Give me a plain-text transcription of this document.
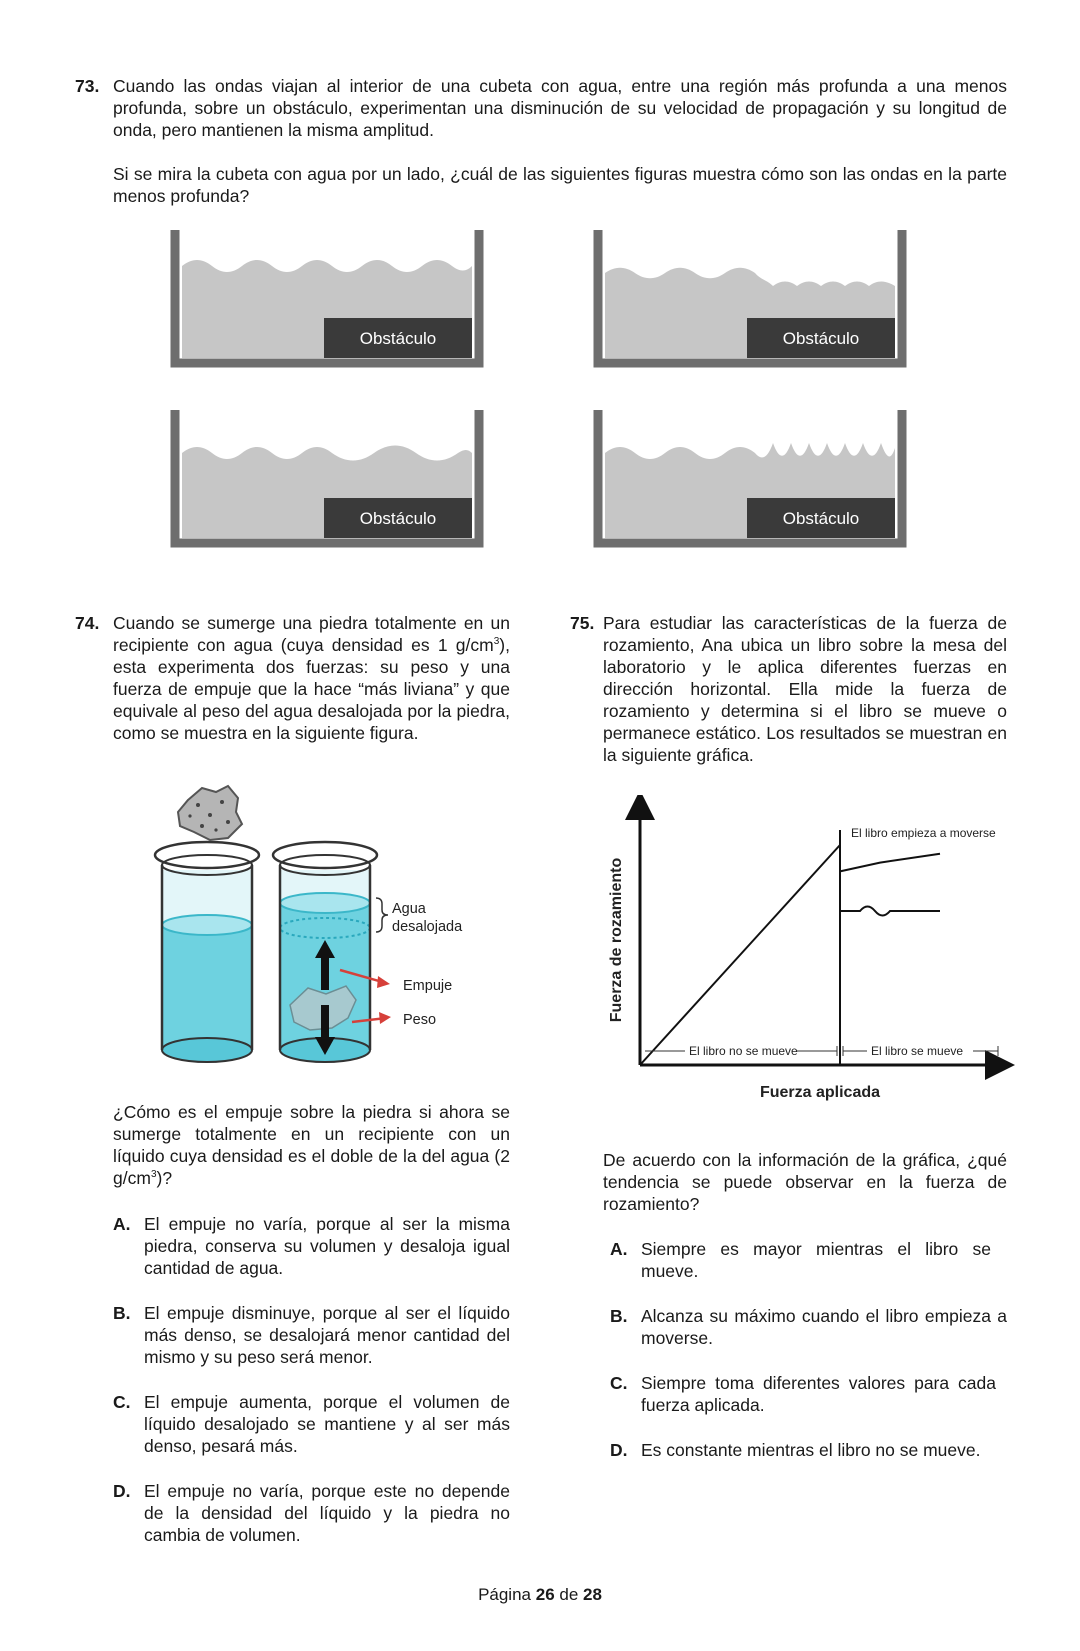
73. Cuando las ondas viajan al interior de una cubeta con agua, entre una región más profunda a una menos profunda, sobre un obstáculo, experimentan una disminución de su velocidad de propagación y su longitud de onda, pero mantienen la misma amplitud.
Si se mira la cubeta con agua por un lado, ¿cuál de las siguientes figuras muestra cómo son las ondas en la parte menos profunda?
Obstáculo	Obstáculo
Obstáculo	Obstáculo
74. Cuando se sumerge una piedra totalmente en un recipiente con agua (cuya densidad es 1 $g/cm^3$), esta experimenta dos fuerzas: su peso y una fuerza de empuje que la hace “más liviana” y que equivale al peso del agua desalojada por la piedra, como se muestra en la siguiente figura.
Agua
desalojada
Empuje
Peso
¿Cómo es el empuje sobre la piedra si ahora se sumerge totalmente en un recipiente con un líquido cuya densidad es el doble de la del agua (2 $g/cm^3$)?
A. El empuje no varía, porque al ser la misma piedra, conserva su volumen y desaloja igual cantidad de agua.
B. El empuje disminuye, porque al ser el líquido más denso, se desalojará menor cantidad del mismo y su peso será menor.
C. El empuje aumenta, porque el volumen de líquido desalojado se mantiene y al ser más denso, pesará más.
D. El empuje no varía, porque este no depende de la densidad del líquido y la piedra no cambia de volumen.
75. Para estudiar las características de la fuerza de rozamiento, Ana ubica un libro sobre la mesa del laboratorio y le aplica diferentes fuerzas en dirección horizontal. Ella mide la fuerza de rozamiento y determina si el libro se mueve o permanece estático. Los resultados se muestran en la siguiente gráfica.
Fuerza de rozamiento
Fuerza aplicada
El libro empieza a moverse
El libro no se mueve	El libro se mueve
De acuerdo con la información de la gráfica, ¿qué tendencia se puede observar en la fuerza de rozamiento?
A. Siempre es mayor mientras el libro se mueve.
B. Alcanza su máximo cuando el libro empieza a moverse.
C. Siempre toma diferentes valores para cada fuerza aplicada.
D. Es constante mientras el libro no se mueve.
Página 26 de 28
